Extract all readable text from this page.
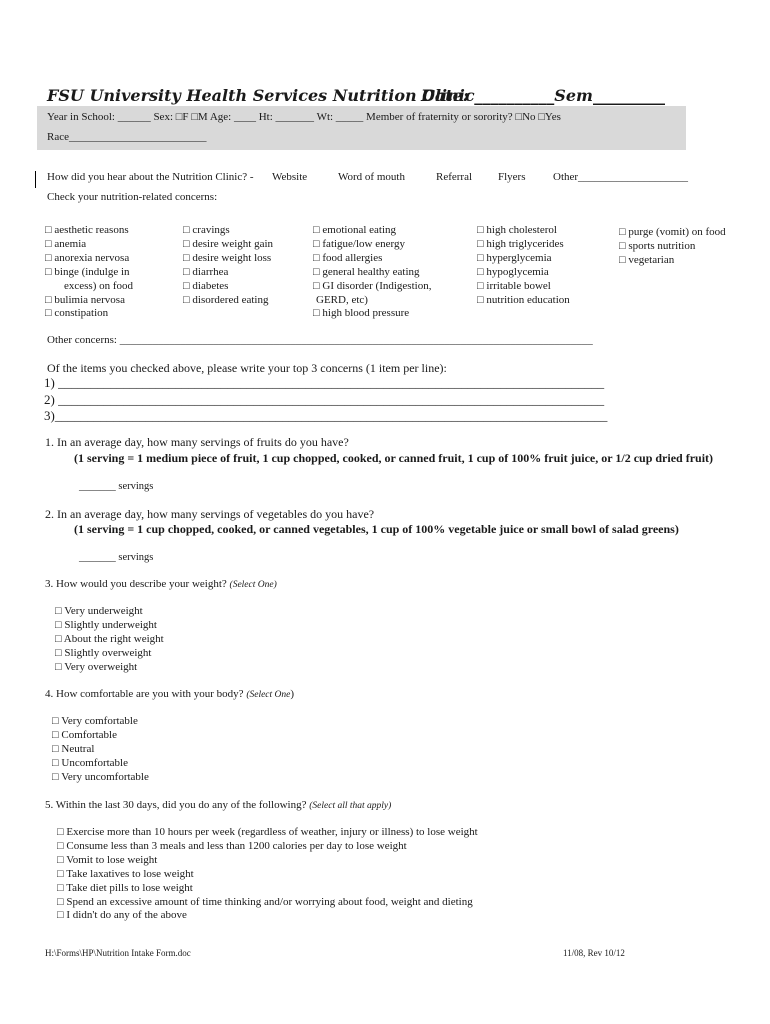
FSU University Health Services Nutrition Clinic
Date: __________Sem_________
Year in School: ______ Sex: □F □M Age: ____ Ht: _______ Wt: _____ Member of fraternity or sorority? □No □Yes
Race_________________________
How did you hear about the Nutrition Clinic? - Website	Word of mouth	Referral Flyers	Other____________________
Check your nutrition-related concerns:
□ aesthetic reasons
□ anemia
□ anorexia nervosa
□ binge (indulge in
excess) on food
□ bulimia nervosa
□ constipation
□ cravings
□ desire weight gain
□ desire weight loss
□ diarrhea
□ diabetes
□ disordered eating
□ emotional eating
□ fatigue/low energy
□ food allergies
□ general healthy eating
□ GI disorder (Indigestion,
GERD, etc)
□ high blood pressure
□ high cholesterol
□ high triglycerides
□ hyperglycemia
□ hypoglycemia
□ irritable bowel
□ nutrition education
□ purge (vomit) on food
□ sports nutrition
□ vegetarian
Other concerns: ______________________________________________________________________________________
Of the items you checked above, please write your top 3 concerns (1 item per line):
1) ____________________________________________________________________________________
2) ____________________________________________________________________________________
3)_____________________________________________________________________________________
1. In an average day, how many servings of fruits do you have?
(1 serving = 1 medium piece of fruit, 1 cup chopped, cooked, or canned fruit, 1 cup of 100% fruit juice, or 1/2 cup dried fruit)
_______ servings
2. In an average day, how many servings of vegetables do you have?
(1 serving = 1 cup chopped, cooked, or canned vegetables, 1 cup of 100% vegetable juice or small bowl of salad greens)
_______ servings
3. How would you describe your weight? (Select One)
□ Very underweight
□ Slightly underweight
□ About the right weight
□ Slightly overweight
□ Very overweight
4. How comfortable are you with your body? (Select One)
□ Very comfortable
□ Comfortable
□ Neutral
□ Uncomfortable
□ Very uncomfortable
5. Within the last 30 days, did you do any of the following? (Select all that apply)
□ Exercise more than 10 hours per week (regardless of weather, injury or illness) to lose weight
□ Consume less than 3 meals and less than 1200 calories per day to lose weight
□ Vomit to lose weight
□ Take laxatives to lose weight
□ Take diet pills to lose weight
□ Spend an excessive amount of time thinking and/or worrying about food, weight and dieting
□ I didn't do any of the above
H:\Forms\HP\Nutrition Intake Form.doc	11/08, Rev 10/12
